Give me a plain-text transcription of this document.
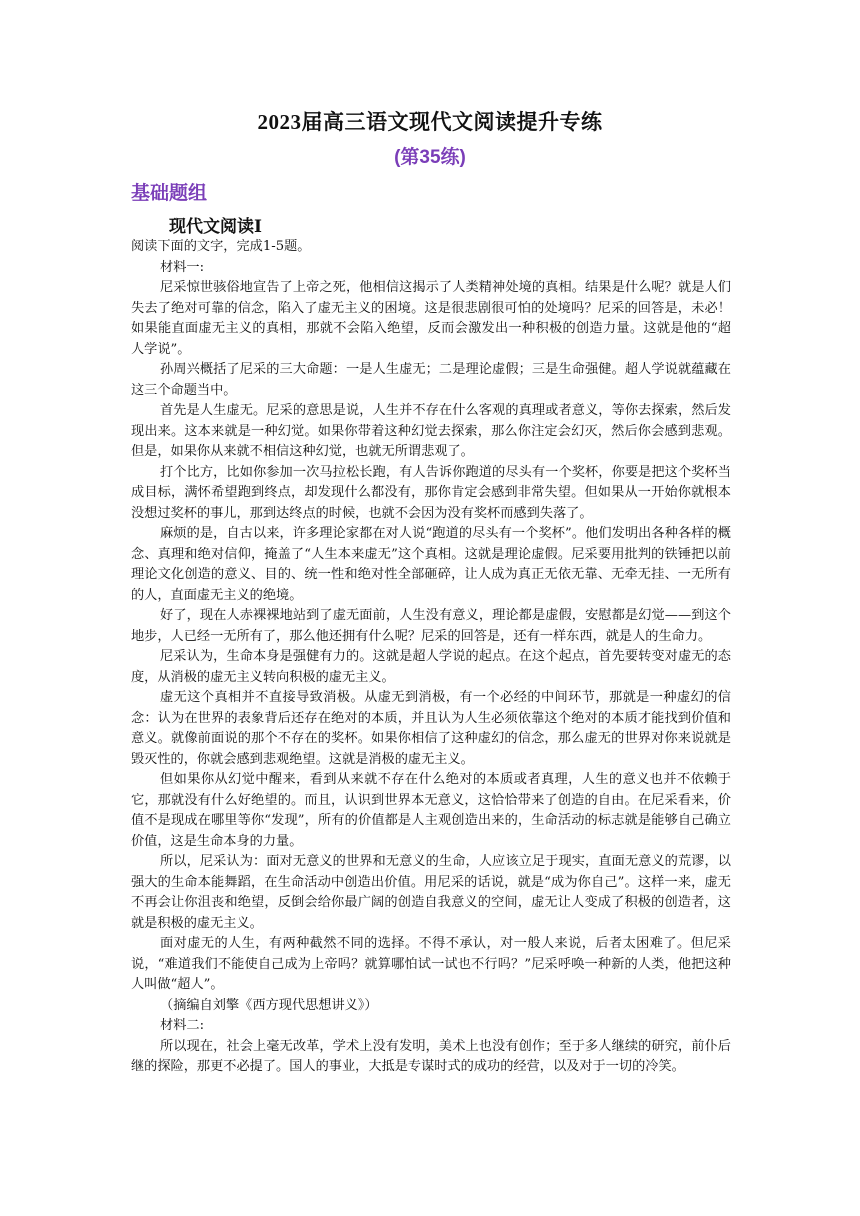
2023届高三语文现代文阅读提升专练
(第35练)
基础题组
现代文阅读Ⅰ

阅读下面的文字，完成1-5题。

材料一:

尼采惊世骇俗地宣告了上帝之死，他相信这揭示了人类精神处境的真相。结果是什么呢？就是人们失去了绝对可靠的信念，陷入了虚无主义的困境。这是很悲剧很可怕的处境吗？尼采的回答是，未必！如果能直面虚无主义的真相，那就不会陷入绝望，反而会激发出一种积极的创造力量。这就是他的“超人学说”。

孙周兴概括了尼采的三大命题：一是人生虚无；二是理论虚假；三是生命强健。超人学说就蕴藏在这三个命题当中。

首先是人生虚无。尼采的意思是说，人生并不存在什么客观的真理或者意义，等你去探索，然后发现出来。这本来就是一种幻觉。如果你带着这种幻觉去探索，那么你注定会幻灭，然后你会感到悲观。但是，如果你从来就不相信这种幻觉，也就无所谓悲观了。

打个比方，比如你参加一次马拉松长跑，有人告诉你跑道的尽头有一个奖杯，你要是把这个奖杯当成目标，满怀希望跑到终点，却发现什么都没有，那你肯定会感到非常失望。但如果从一开始你就根本没想过奖杯的事儿，那到达终点的时候，也就不会因为没有奖杯而感到失落了。

麻烦的是，自古以来，许多理论家都在对人说“跑道的尽头有一个奖杯”。他们发明出各种各样的概念、真理和绝对信仰，掩盖了“人生本来虚无”这个真相。这就是理论虚假。尼采要用批判的铁锤把以前理论文化创造的意义、目的、统一性和绝对性全部砸碎，让人成为真正无依无靠、无牵无挂、一无所有的人，直面虚无主义的绝境。

好了，现在人赤裸裸地站到了虚无面前，人生没有意义，理论都是虚假，安慰都是幻觉——到这个地步，人已经一无所有了，那么他还拥有什么呢？尼采的回答是，还有一样东西，就是人的生命力。

尼采认为，生命本身是强健有力的。这就是超人学说的起点。在这个起点，首先要转变对虚无的态度，从消极的虚无主义转向积极的虚无主义。

虚无这个真相并不直接导致消极。从虚无到消极，有一个必经的中间环节，那就是一种虚幻的信念：认为在世界的表象背后还存在绝对的本质，并且认为人生必须依靠这个绝对的本质才能找到价值和意义。就像前面说的那个不存在的奖杯。如果你相信了这种虚幻的信念，那么虚无的世界对你来说就是毁灭性的，你就会感到悲观绝望。这就是消极的虚无主义。

但如果你从幻觉中醒来，看到从来就不存在什么绝对的本质或者真理，人生的意义也并不依赖于它，那就没有什么好绝望的。而且，认识到世界本无意义，这恰恰带来了创造的自由。在尼采看来，价值不是现成在哪里等你“发现”，所有的价值都是人主观创造出来的，生命活动的标志就是能够自己确立价值，这是生命本身的力量。

所以，尼采认为：面对无意义的世界和无意义的生命，人应该立足于现实，直面无意义的荒谬，以强大的生命本能舞蹈，在生命活动中创造出价值。用尼采的话说，就是“成为你自己”。这样一来，虚无不再会让你沮丧和绝望，反倒会给你最广阔的创造自我意义的空间，虚无让人变成了积极的创造者，这就是积极的虚无主义。

面对虚无的人生，有两种截然不同的选择。不得不承认，对一般人来说，后者太困难了。但尼采说，“难道我们不能使自己成为上帝吗？就算哪怕试一试也不行吗？”尼采呼唤一种新的人类，他把这种人叫做“超人”。

（摘编自刘擎《西方现代思想讲义》）

材料二:

所以现在，社会上毫无改革，学术上没有发明，美术上也没有创作；至于多人继续的研究，前仆后继的探险，那更不必提了。国人的事业，大抵是专谋时式的成功的经营，以及对于一切的冷笑。
